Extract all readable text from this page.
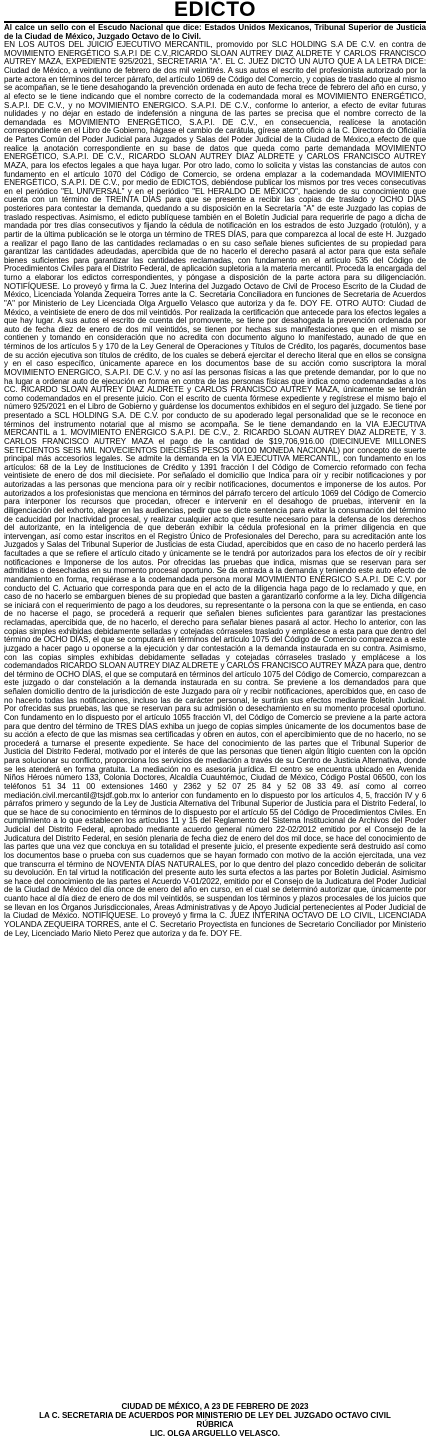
EDICTO

Al calce un sello con el Escudo Nacional que dice: Estados Unidos Mexicanos, Tribunal Superior de Justicia de la Ciudad de México, Juzgado Octavo de lo Civil.

EN LOS AUTOS DEL JUICIO EJECUTIVO MERCANTIL, promovido por SLC HOLDING S.A DE C.V. en contra de MOVIMIENTO ENERGÉTICO S.A.P.I DE C.V.,RICARDO SLOAN AUTREY DIAZ ALDRETE Y CARLOS FRANCISCO AUTREY MAZA, EXPEDIENTE 925/2021, SECRETARIA "A". EL C. JUEZ DICTÓ UN AUTO QUE A LA LETRA DICE: Ciudad de México, a veintiuno de febrero de dos mil veintitrés. A sus autos el escrito del profesionista autorizado por la parte actora en términos del tercer párrafo, del artículo 1069 de Código del Comercio, y copias de traslado que al mismo se acompañan, se le tiene desahogando la prevención ordenada en auto de fecha trece de febrero del año en curso, y al efecto se le tiene indicando que el nombre correcto de la codemandada moral es MOVIMIENTO ENERGÉTICO, S.A.P.I. DE C.V., y no MOVIMIENTO ENERGICO. S.A.P.I. DE C.V., conforme lo anterior, a efecto de evitar futuras nulidades y no dejar en estado de indefensión a ninguna de las partes se precisa que el nombre correcto de la demandada es MOVIMIENTO ENERGÉTICO, S.A.P.I. DE C.V., en consecuencia, realícese la anotación correspondiente en el Libro de Gobierno, hágase el cambio de carátula, gírese atento oficio a la C. Directora do Oficialía de Partes Común del Poder Judicial para Juzgados y Salas del Poder Judicial de la Ciudad de México,a efecto de que realice la anotación correspondiente en su base de datos que queda como parte demandada MOVIMIENTO ENERGÉTICO, S.A.P.I. DE C.V., RICARDO SLOAN AUTREY DIAZ ALDRETE y CARLOS FRANCISCO AUTREY MAZA, para los efectos legales a que haya lugar. Por otro lado, como lo solicita y vistas las constancias de autos con fundamento en el artículo 1070 del Código de Comercio, se ordena emplazar a la codemandada MOVIMIENTO ENERGÉTICO, S.A.P.I. DE C.V., por medio de EDICTOS, debiéndose publicar los mismos por tres veces consecutivas en el periódico "EL UNIVERSAL" y en el periódico "EL HERALDO DE MÉXICO", haciendo de su conocimiento que cuenta con un término de TREINTA DÍAS para que se presente a recibir las copias de traslado y OCHO DÍAS posteriores para contestar la demanda, quedando a su disposición en la Secretaría "A" de este Juzgado las copias de traslado respectivas. Asimismo, el edicto publíquese también en el Boletín Judicial para requerirle de pago a dicha de mandada por tres días consecutivos y fijando la cédula de notificación en los estrados de esto Juzgado (rotulón), y a partir de la última publicación se le otorga un término de TRES DÍAS, para que comparezca al local de este H. Juzgado a realizar el pago llano de las cantidades reclamadas o en su caso señale bienes suficientes de su propiedad para garantizar las cantidades adeudadas, apercibida que de no hacerlo el derecho pasará al actor para que esta señale bienes suficientes para garantizar las cantidades reclamadas, con fundamento en el artículo 535 del Código de Procedimientos Civiles para el Distrito Federal, de aplicación supletoria a la materia mercantil. Proceda la encargada del turno a elaborar los edictos correspondientes, y póngase a disposición de la parte actora para su diligenciación. NOTIFÍQUESE. Lo proveyó y firma la C. Juez Interina del Juzgado Octavo de Civil de Proceso Escrito de la Ciudad de México, Licenciada Yolanda Zequeira Torres ante la C. Secretaria Conciliadora en funciones de Secretaria de Acuerdos "A" por Ministerio de Ley Licenciada Olga Arguello Velasco que autoriza y da fe. DOY FE. OTRO AUTO: Ciudad de México, a veintisiete de enero de dos mil veintidós. Por realizada la certificación que antecede para los efectos legales a que hay lugar. A sus autos el escrito de cuenta del promovente, se tiene por desahogada la prevención ordenada por auto de fecha diez de enero de dos mil veintidós, se tienen por hechas sus manifestaciones que en el mismo se contienen y tomando en consideración que no acredita con documento alguno lo manifestado, aunado de que en términos de los artículos 5 y 170 de la Ley General de Operaciones y Títulos de Crédito, los pagarés, documentos base de su acción ejecutiva son títulos de crédito, de los cuales se deberá ejercitar el derecho literal que en ellos se consigna y en el caso específico, únicamente aparece en los documentos base de su acción como suscriptora la moral MOVIMIENTO ENERGICO, S.A.P.I. DE C.V. y no así las personas físicas a las que pretende demandar, por lo que no ha lugar a ordenar auto de ejecución en forma en contra de las personas físicas que indica como codemandadas a los CC. RICARDO SLOAN AUTREY DIAZ ALDRETE y CARLOS FRANCISCO AUTREY MAZA, únicamente se tendrán como codemandados en el presente juicio. Con el escrito de cuenta fórmese expediente y regístrese el mismo bajo el número 925/2021 en el Libro de Gobierno y guárdense los documentos exhibidos en el seguro del juzgado. Se tiene por presentado a SCL HOLDING S.A. DE C.V. por conducto de su apoderado legal personalidad que se le reconoce en términos del instrumento notarial que al mismo se acompaña. Se le tiene demandando en la VIA EJECUTIVA MERCANTIL a 1. MOVIMIENTO ENÉRGICO S.A.P.I. DE C.V., 2. RICARDO SLOAN AUTREY DIAZ ALDRETE, Y 3. CARLOS FRANCISCO AUTREY MAZA el pago de la cantidad de $19,706,916.00 (DIECINUEVE MILLONES SETECIENTOS SEIS MIL NOVECIENTOS DIECISÉIS PESOS 00/100 MONEDA NACIONAL) por concepto de suerte principal más accesorios legales. Se admite la demanda en la VÍA EJECUTIVA MERCANTIL, con fundamento en los artículos: 68 de la Ley de Instituciones de Crédito y 1391 fracción I del Código de Comercio reformado con fecha veintisiete de enero de dos mil diecisiete. Por señalado el domicilio que Indica para oír y recibir notificaciones y por autorizadas a las personas que menciona para oír y recibir notificaciones, documentos e imponerse de los autos. Por autorizados a los profesionistas que menciona en términos del párrafo tercero del artículo 1069 del Código de Comercio para interponer los recursos que procedan, ofrecer e intervenir en el desahogo de pruebas, intervenir en la diligenciación del exhorto, alegar en las audiencias, pedir que se dicte sentencia para evitar la consumación del término de caducidad por Inactividad procesal, y realizar cualquier acto que resulte necesario para la defensa de los derechos del autorizante, en la inteligencia de que deberán exhibir la cédula profesional en la primer diligencia en que intervengan, así como estar inscritos en el Registro Único de Profesionales del Derecho, para su acreditación ante los Juzgados y Salas del Tribunal Superior de Justicias de esta Ciudad, apercibidos que en caso de no hacerlo perderá las facultades a que se refiere el artículo citado y únicamente se le tendrá por autorizados para los efectos de oír y recibir notificaciones e Imponerse de los autos. Por ofrecidas las pruebas que indica, mismas que se reservan para ser admitidas o desechadas en su momento procesal oportuno. Se da entrada a la demanda y teniendo este auto efecto de mandamiento en forma, requiérase a la codemandada persona moral MOVIMIENTO ENÉRGICO S.A.P.I. DE C.V. por conducto del C. Actuario que corresponda para que en el acto de la diligencia haga pago de lo reclamado y que, en caso de no hacerlo se embarguen bienes de su propiedad que basten a garantizarlo conforme a la ley. Dicha diligencia se iniciará con el requerimiento de pago a los deudores, su representante o la persona con la que se entienda, en caso de no hacerse el pago, se procederá a requerir que señalen bienes suficientes para garantizar las prestaciones reclamadas, apercibida que, de no hacerlo, el derecho para señalar bienes pasará al actor. Hecho lo anterior, con las copias simples exhibidas debidamente selladas y cotejadas córraseles traslado y emplácese a esta para que dentro del término de OCHO DÍAS, el que se computará en términos del artículo 1075 del Código de Comercio comparezca a este juzgado a hacer pago u oponerse a la ejecución y dar contestación a la demanda instaurada en su contra. Asimismo, con las copias simples exhibidas debidamente selladas y cotejadas córraseles traslado y emplácese a los codemandados RICARDO SLOAN AUTREY DIAZ ALDRETE y CARLOS FRANCISCO AUTREY MAZA para que, dentro del término de OCHO DÍAS, el que se computará en términos del artículo 1075 del Código de Comercio, comparezcan a este juzgado o dar constelación a la demanda instaurada en su contra. Se previene a los demandados para que señalen domicilio dentro de la jurisdicción de este Juzgado para oír y recibir notificaciones, apercibidos que, en caso de no hacerlo todas las notificaciones, incluso las de carácter personal, le surtirán sus efectos mediante Boletín Judicial. Por ofrecidas sus pruebas, las que se reservan para su admisión o desechamiento en su momento procesal oportuno. Con fundamento en lo dispuesto por el artículo 1055 fracción VI, del Código de Comercio se previene a la parte actora para que dentro del término de TRES DÍAS exhiba un juego de copias simples únicamente de los documentos base de su acción a efecto de que las mismas sea certificadas y obren en autos, con el apercibimiento que de no hacerlo, no se procederá a turnarse el presente expediente. Se hace del conocimiento de las partes que el Tribunal Superior de Justicia del Distrito Federal, motivado por el interés de que las personas que tienen algún litigio cuenten con la opción para solucionar su conflicto, proporciona los servicios de mediación a través de su Centro de Justicia Alternativa, donde se les atenderá en forma gratuita. La mediación no es asesoría jurídica. El centro se encuentra ubicado en Avenida Niños Héroes número 133, Colonia Doctores, Alcaldía Cuauhtémoc, Ciudad de México, Código Postal 06500, con los teléfonos 51 34 11 00 extensiones 1460 y 2362 y 52 07 25 84 y 52 08 33 49. así como al correo mediación.civil.mercantil@tsjdf.gob.mx lo anterior con fundamento en lo dispuesto por los artículos 4, 5, fracción IV y 6 párrafos primero y segundo de la Ley de Justicia Alternativa del Tribunal Superior de Justicia para el Distrito Federal, lo que se hace de su conocimiento en términos de lo dispuesto por el artículo 55 del Código de Procedimientos Civiles. En cumplimiento a lo que establecen los artículos 11 y 15 del Reglamento del Sistema Institucional de Archivos del Poder Judicial del Distrito Federal, aprobado mediante acuerdo general número 22-02/2012 emitido por el Consejo de la Judicatura del Distrito Federal, en sesión plenaria de fecha diez de enero del dos mil doce, se hace del conocimiento de las partes que una vez que concluya en su totalidad el presente juicio, el presente expediente será destruido así como los documentos base o prueba con sus cuadernos que se hayan formado con motivo de la acción ejercitada, una vez que transcurra el término de NOVENTA DÍAS NATURALES, por lo que dentro del plazo concedido deberán de solicitar su devolución. En tal virtud la notificación del presente auto les surta efectos a las partes por Boletín Judicial. Asimismo se hace del conocimiento de las partes el Acuerdo V-01/2022, emitido por el Consejo de la Judicatura del Poder Judicial de la Ciudad de México del día once de enero del año en curso, en el cual se determinó autorizar que, únicamente por cuanto hace al día diez de enero de dos mil veintidós, se suspendan los términos y plazos procesales de los juicios que se llevan en los Órganos Jurisdiccionales, Áreas Administrativas y de Apoyo Judicial pertenecientes al Poder Judicial de la Ciudad de México. NOTIFÍQUESE. Lo proveyó y firma la C. JUEZ INTERINA OCTAVO DE LO CIVIL, LICENCIADA YOLANDA ZEQUEIRA TORRES, ante el C. Secretario Proyectista en funciones de Secretario Conciliador por Ministerio de Ley, Licenciado Mario Nieto Perez que autoriza y da fe. DOY FE.

CIUDAD DE MÉXICO, A 23 DE FEBRERO DE 2023

LA C. SECRETARIA DE ACUERDOS POR MINISTERIO DE LEY DEL JUZGADO OCTAVO CIVIL

RÚBRICA

LIC. OLGA ARGUELLO VELASCO.
